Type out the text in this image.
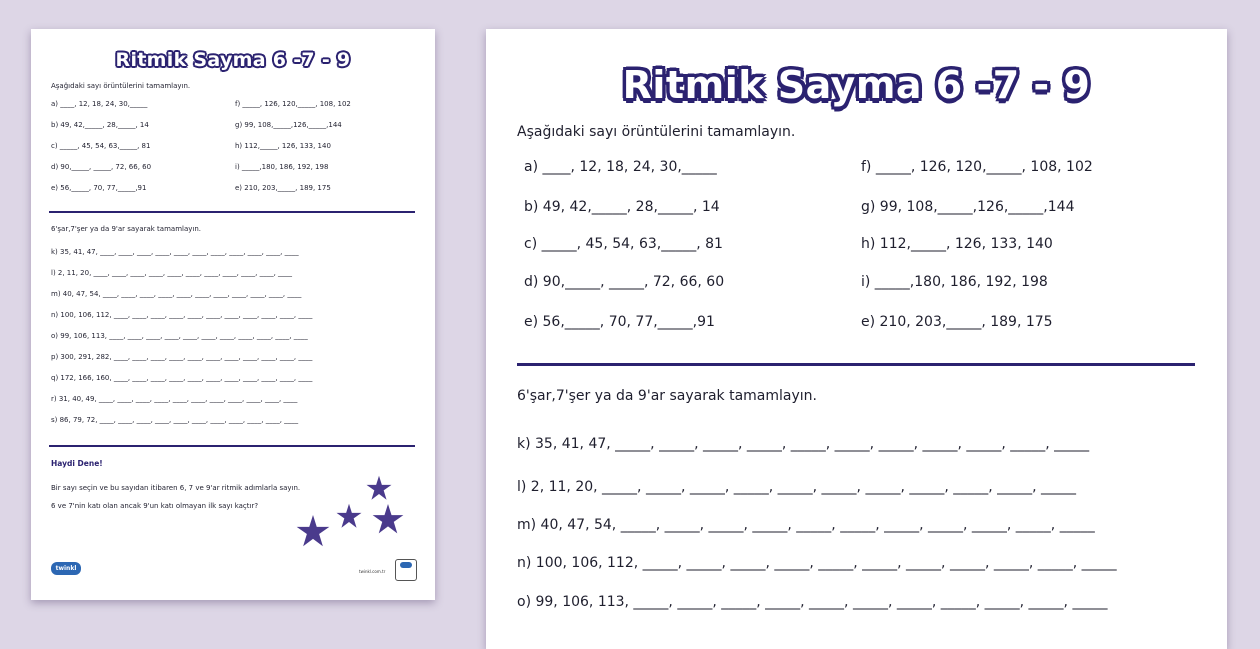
Ritmik Sayma 6 -7 - 9
Aşağıdaki sayı örüntülerini tamamlayın.
a) ____, 12, 18, 24, 30,_____
b) 49, 42,_____, 28,_____, 14
c) _____, 45, 54, 63,_____, 81
d) 90,_____, _____, 72, 66, 60
e) 56,_____, 70, 77,_____,91
f) _____, 126, 120,_____, 108, 102
g) 99, 108,_____,126,_____,144
h) 112,_____, 126, 133, 140
i) _____,180, 186, 192, 198
e) 210, 203,_____, 189, 175
6'şar,7'şer ya da 9'ar sayarak tamamlayın.
k) 35, 41, 47, ____, ____, ____, ____, ____, ____, ____, ____, ____, ____, ____
l) 2, 11, 20, ____, ____, ____, ____, ____, ____, ____, ____, ____, ____, ____
m) 40, 47, 54, ____, ____, ____, ____, ____, ____, ____, ____, ____, ____, ____
n) 100, 106, 112, ____, ____, ____, ____, ____, ____, ____, ____, ____, ____, ____
o) 99, 106, 113, ____, ____, ____, ____, ____, ____, ____, ____, ____, ____, ____
p) 300, 291, 282, ____, ____, ____, ____, ____, ____, ____, ____, ____, ____, ____
q) 172, 166, 160, ____, ____, ____, ____, ____, ____, ____, ____, ____, ____, ____
r) 31, 40, 49, ____, ____, ____, ____, ____, ____, ____, ____, ____, ____, ____
s) 86, 79, 72, ____, ____, ____, ____, ____, ____, ____, ____, ____, ____, ____
Haydi Dene!
Bir sayı seçin ve bu sayıdan itibaren 6, 7 ve 9'ar ritmik adımlarla sayın.
6 ve 7'nin katı olan ancak 9'un katı olmayan ilk sayı kaçtır?
twinkl	twinkl.com.tr
Ritmik Sayma 6 -7 - 9
Aşağıdaki sayı örüntülerini tamamlayın.
a) ____, 12, 18, 24, 30,_____
b) 49, 42,_____, 28,_____, 14
c) _____, 45, 54, 63,_____, 81
d) 90,_____, _____, 72, 66, 60
e) 56,_____, 70, 77,_____,91
f) _____, 126, 120,_____, 108, 102
g) 99, 108,_____,126,_____,144
h) 112,_____, 126, 133, 140
i) _____,180, 186, 192, 198
e) 210, 203,_____, 189, 175
6'şar,7'şer ya da 9'ar sayarak tamamlayın.
k) 35, 41, 47, _____, _____, _____, _____, _____, _____, _____, _____, _____, _____, _____
l) 2, 11, 20, _____, _____, _____, _____, _____, _____, _____, _____, _____, _____, _____
m) 40, 47, 54, _____, _____, _____, _____, _____, _____, _____, _____, _____, _____, _____
n) 100, 106, 112, _____, _____, _____, _____, _____, _____, _____, _____, _____, _____, _____
o) 99, 106, 113, _____, _____, _____, _____, _____, _____, _____, _____, _____, _____, _____
